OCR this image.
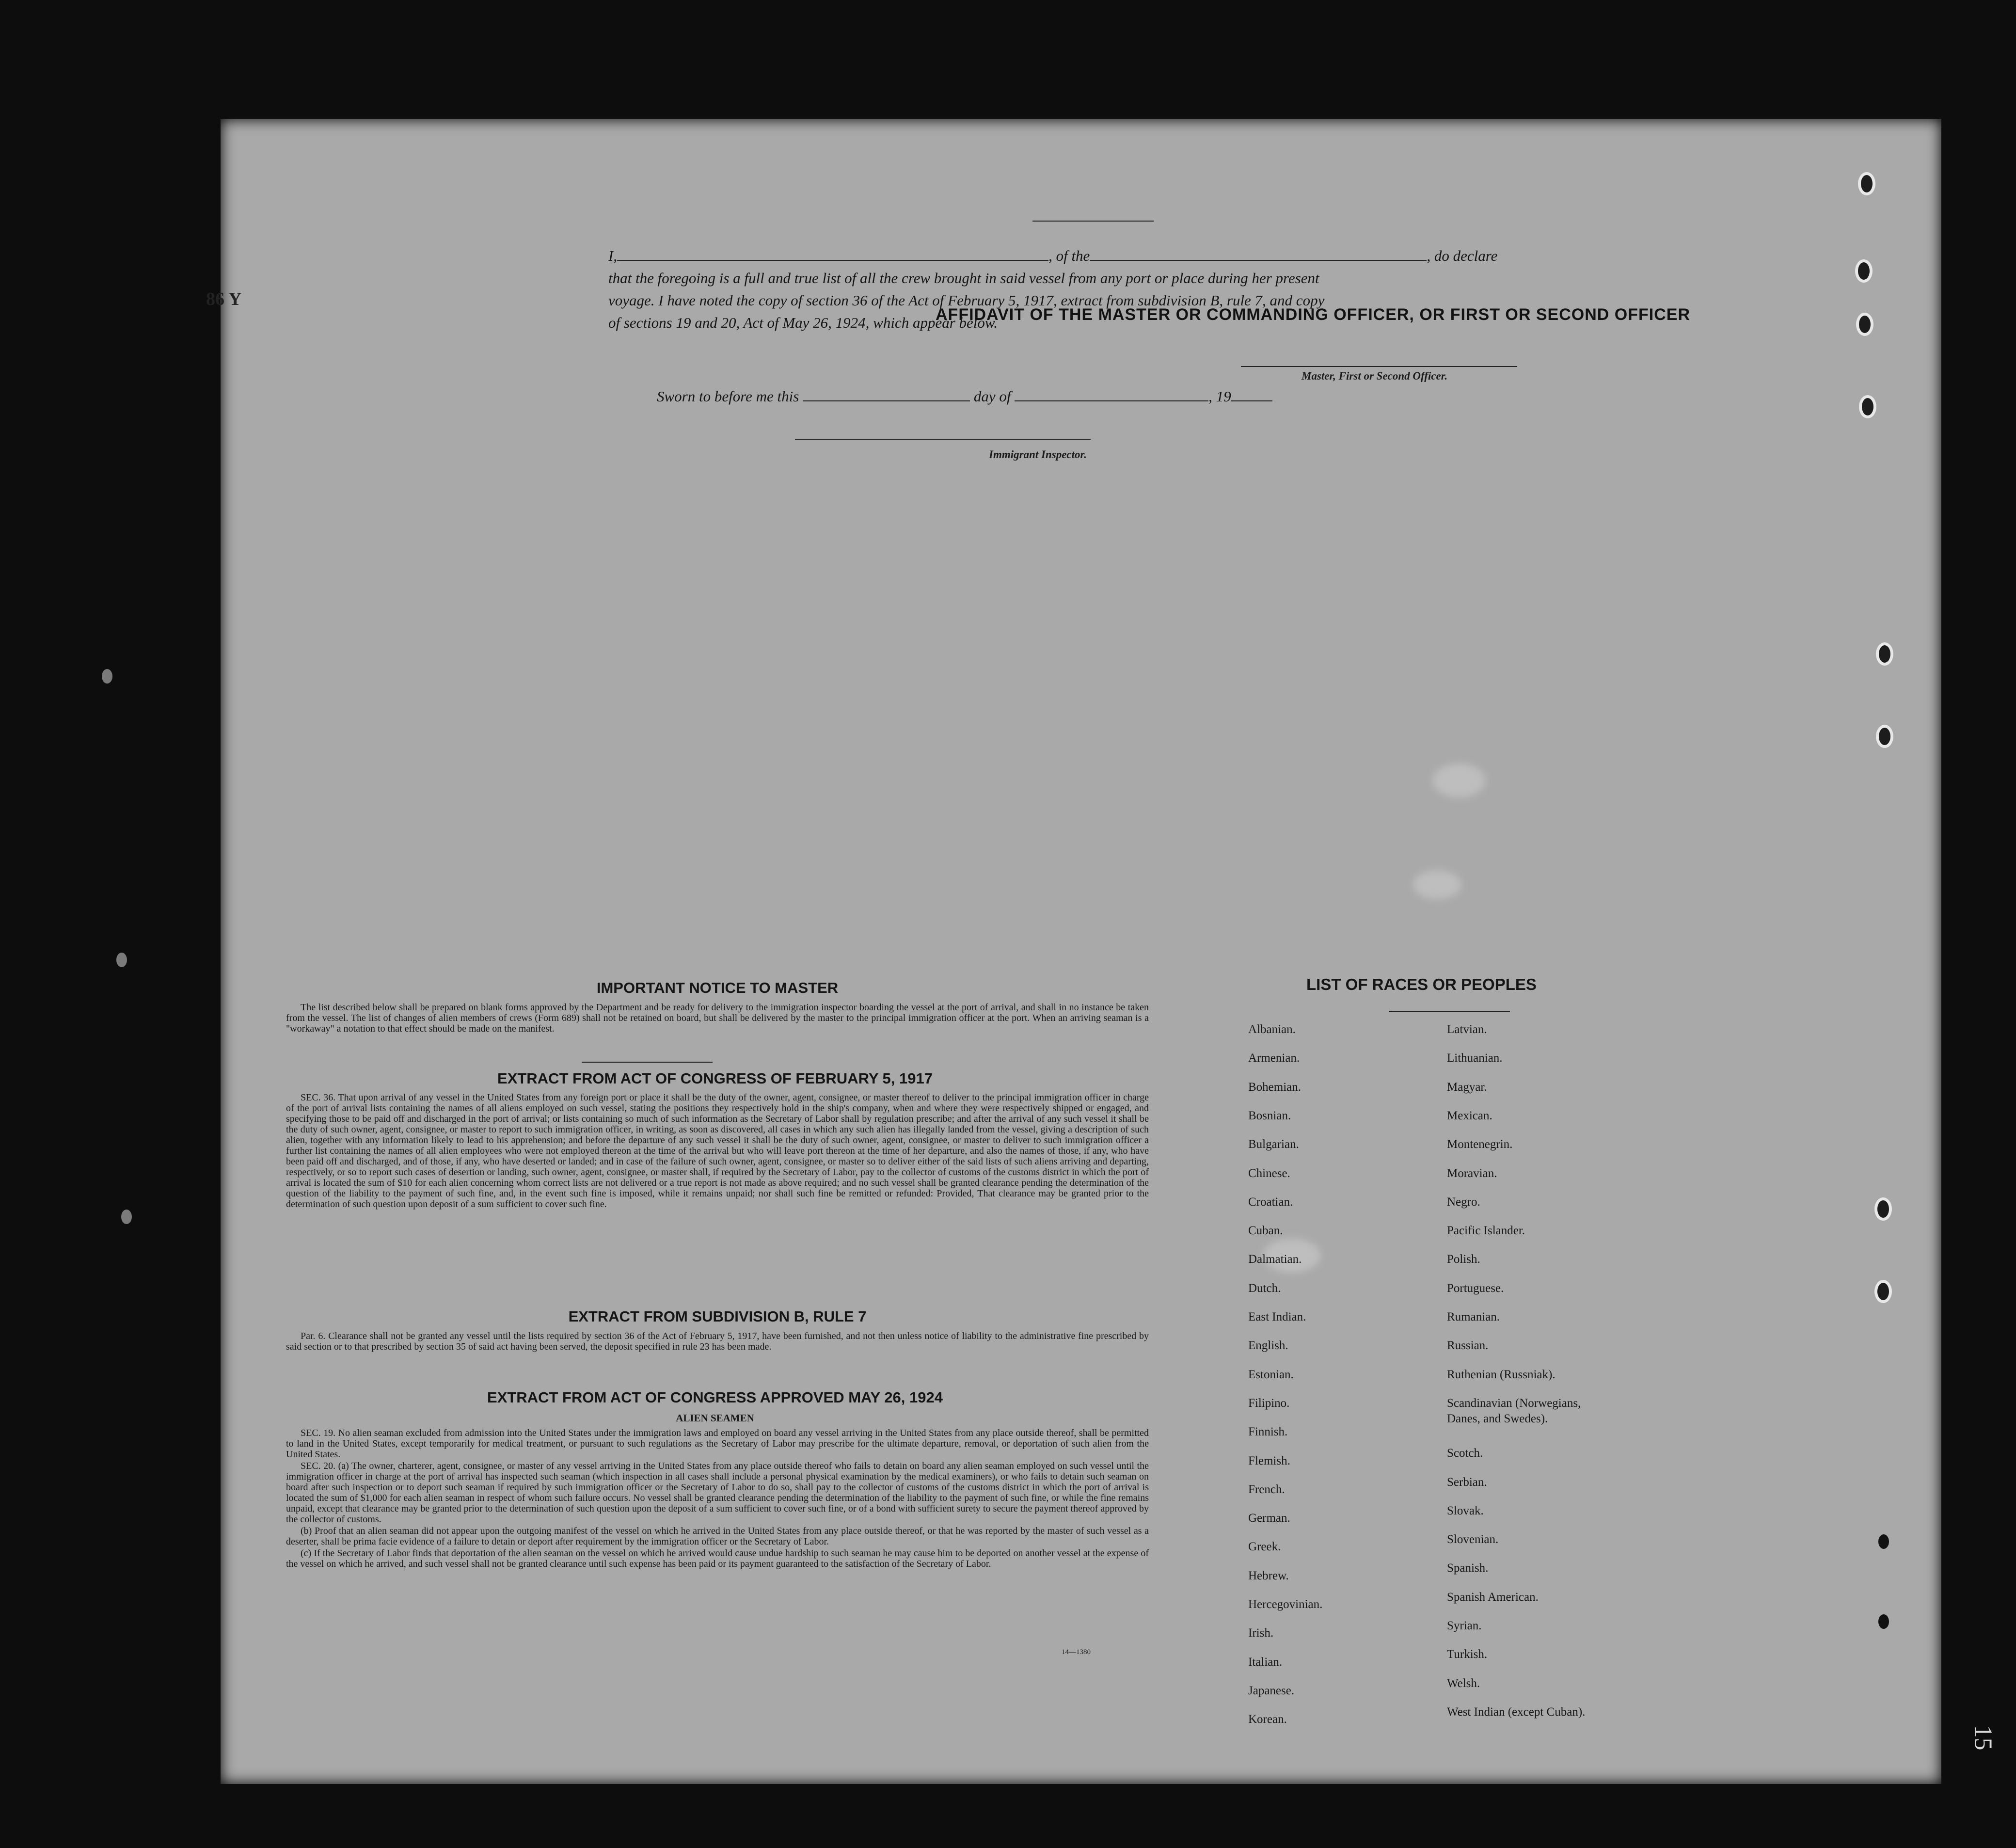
AFFIDAVIT OF THE MASTER OR COMMANDING OFFICER, OR FIRST OR SECOND OFFICER
86 Y
I,	, of the	, do declare
that the foregoing is a full and true list of all the crew brought in said vessel from any port or place during her present
voyage. I have noted the copy of section 36 of the Act of February 5, 1917, extract from subdivision B, rule 7, and copy
of sections 19 and 20, Act of May 26, 1924, which appear below.
Master, First or Second Officer.
Sworn to before me this	day of	, 19
Immigrant Inspector.
IMPORTANT NOTICE TO MASTER

The list described below shall be prepared on blank forms approved by the Department and be ready for delivery to the immigration inspector boarding the vessel at the port of arrival, and shall in no instance be taken from the vessel. The list of changes of alien members of crews (Form 689) shall not be retained on board, but shall be delivered by the master to the principal immigration officer at the port. When an arriving seaman is a "workaway" a notation to that effect should be made on the manifest.

EXTRACT FROM ACT OF CONGRESS OF FEBRUARY 5, 1917

SEC. 36. That upon arrival of any vessel in the United States from any foreign port or place it shall be the duty of the owner, agent, consignee, or master thereof to deliver to the principal immigration officer in charge of the port of arrival lists containing the names of all aliens employed on such vessel, stating the positions they respectively hold in the ship's company, when and where they were respectively shipped or engaged, and specifying those to be paid off and discharged in the port of arrival; or lists containing so much of such information as the Secretary of Labor shall by regulation prescribe; and after the arrival of any such vessel it shall be the duty of such owner, agent, consignee, or master to report to such immigration officer, in writing, as soon as discovered, all cases in which any such alien has illegally landed from the vessel, giving a description of such alien, together with any information likely to lead to his apprehension; and before the departure of any such vessel it shall be the duty of such owner, agent, consignee, or master to deliver to such immigration officer a further list containing the names of all alien employees who were not employed thereon at the time of the arrival but who will leave port thereon at the time of her departure, and also the names of those, if any, who have been paid off and discharged, and of those, if any, who have deserted or landed; and in case of the failure of such owner, agent, consignee, or master so to deliver either of the said lists of such aliens arriving and departing, respectively, or so to report such cases of desertion or landing, such owner, agent, consignee, or master shall, if required by the Secretary of Labor, pay to the collector of customs of the customs district in which the port of arrival is located the sum of $10 for each alien concerning whom correct lists are not delivered or a true report is not made as above required; and no such vessel shall be granted clearance pending the determination of the question of the liability to the payment of such fine, and, in the event such fine is imposed, while it remains unpaid; nor shall such fine be remitted or refunded: Provided, That clearance may be granted prior to the determination of such question upon deposit of a sum sufficient to cover such fine.

EXTRACT FROM SUBDIVISION B, RULE 7

Par. 6. Clearance shall not be granted any vessel until the lists required by section 36 of the Act of February 5, 1917, have been furnished, and not then unless notice of liability to the administrative fine prescribed by said section or to that prescribed by section 35 of said act having been served, the deposit specified in rule 23 has been made.

EXTRACT FROM ACT OF CONGRESS APPROVED MAY 26, 1924
ALIEN SEAMEN

SEC. 19. No alien seaman excluded from admission into the United States under the immigration laws and employed on board any vessel arriving in the United States from any place outside thereof, shall be permitted to land in the United States, except temporarily for medical treatment, or pursuant to such regulations as the Secretary of Labor may prescribe for the ultimate departure, removal, or deportation of such alien from the United States.

SEC. 20. (a) The owner, charterer, agent, consignee, or master of any vessel arriving in the United States from any place outside thereof who fails to detain on board any alien seaman employed on such vessel until the immigration officer in charge at the port of arrival has inspected such seaman (which inspection in all cases shall include a personal physical examination by the medical examiners), or who fails to detain such seaman on board after such inspection or to deport such seaman if required by such immigration officer or the Secretary of Labor to do so, shall pay to the collector of customs of the customs district in which the port of arrival is located the sum of $1,000 for each alien seaman in respect of whom such failure occurs. No vessel shall be granted clearance pending the determination of the liability to the payment of such fine, or while the fine remains unpaid, except that clearance may be granted prior to the determination of such question upon the deposit of a sum sufficient to cover such fine, or of a bond with sufficient surety to secure the payment thereof approved by the collector of customs.

(b) Proof that an alien seaman did not appear upon the outgoing manifest of the vessel on which he arrived in the United States from any place outside thereof, or that he was reported by the master of such vessel as a deserter, shall be prima facie evidence of a failure to detain or deport after requirement by the immigration officer or the Secretary of Labor.

(c) If the Secretary of Labor finds that deportation of the alien seaman on the vessel on which he arrived would cause undue hardship to such seaman he may cause him to be deported on another vessel at the expense of the vessel on which he arrived, and such vessel shall not be granted clearance until such expense has been paid or its payment guaranteed to the satisfaction of the Secretary of Labor.

14—1380
LIST OF RACES OR PEOPLES
Albanian.
Armenian.
Bohemian.
Bosnian.
Bulgarian.
Chinese.
Croatian.
Cuban.
Dalmatian.
Dutch.
East Indian.
English.
Estonian.
Filipino.
Finnish.
Flemish.
French.
German.
Greek.
Hebrew.
Hercegovinian.
Irish.
Italian.
Japanese.
Korean.
Latvian.
Lithuanian.
Magyar.
Mexican.
Montenegrin.
Moravian.
Negro.
Pacific Islander.
Polish.
Portuguese.
Rumanian.
Russian.
Ruthenian (Russniak).
Scandinavian (Norwegians,
Danes, and Swedes).
Scotch.
Serbian.
Slovak.
Slovenian.
Spanish.
Spanish American.
Syrian.
Turkish.
Welsh.
West Indian (except Cuban).
15
